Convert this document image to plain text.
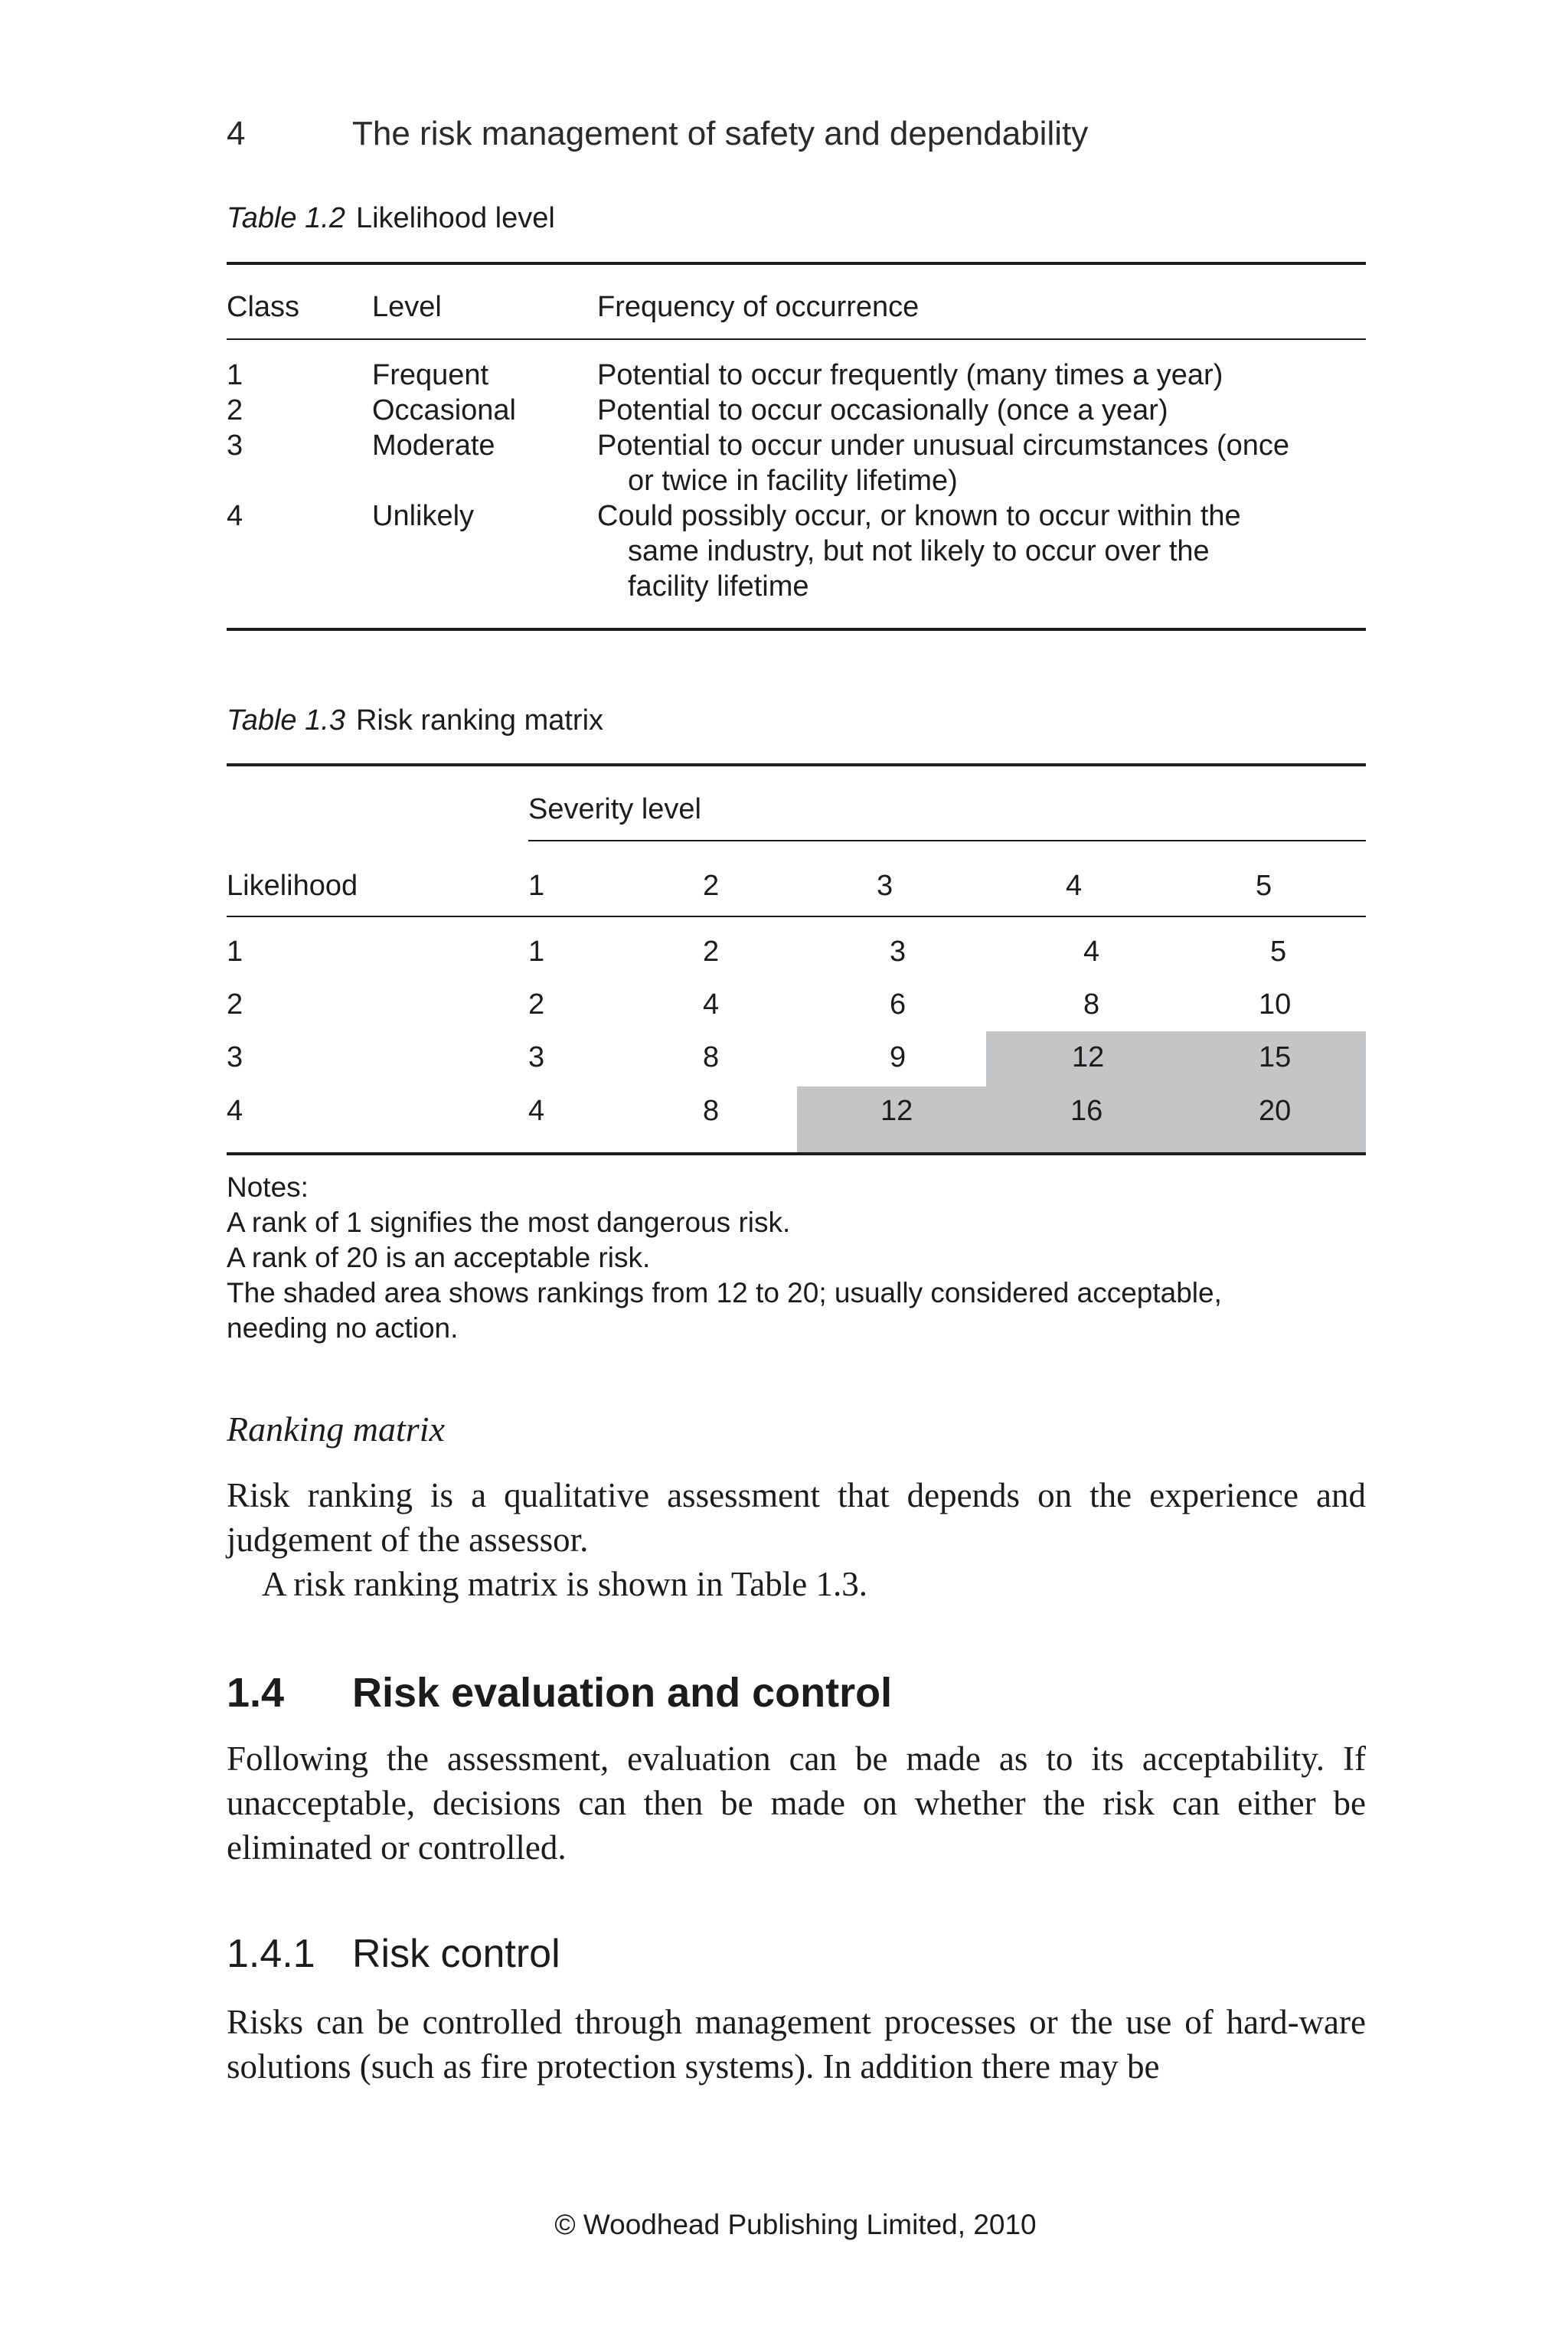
4	The risk management of safety and dependability
Table 1.2 Likelihood level
Class Level	Frequency of occurrence
1	Frequent	Potential to occur frequently (many times a year)
2	Occasional	Potential to occur occasionally (once a year)
3	Moderate	Potential to occur under unusual circumstances (once
or twice in facility lifetime)
4	Unlikely	Could possibly occur, or known to occur within the
same industry, but not likely to occur over the
facility lifetime
Table 1.3 Risk ranking matrix
Severity level
Likelihood	1	2	3	4	5
1	1	2	3	4	5
2	2	4	6	8	10
3	3	8	9	12	15
4	4	8	12	16	20
Notes:
A rank of 1 signifies the most dangerous risk.
A rank of 20 is an acceptable risk.
The shaded area shows rankings from 12 to 20; usually considered acceptable,
needing no action.
Ranking matrix
Risk ranking is a qualitative assessment that depends on the experience and judgement of the assessor.
A risk ranking matrix is shown in Table 1.3.
1.4 Risk evaluation and control
Following the assessment, evaluation can be made as to its acceptability. If unacceptable, decisions can then be made on whether the risk can either be eliminated or controlled.
1.4.1 Risk control
Risks can be controlled through management processes or the use of hard-ware solutions (such as fire protection systems). In addition there may be
© Woodhead Publishing Limited, 2010
